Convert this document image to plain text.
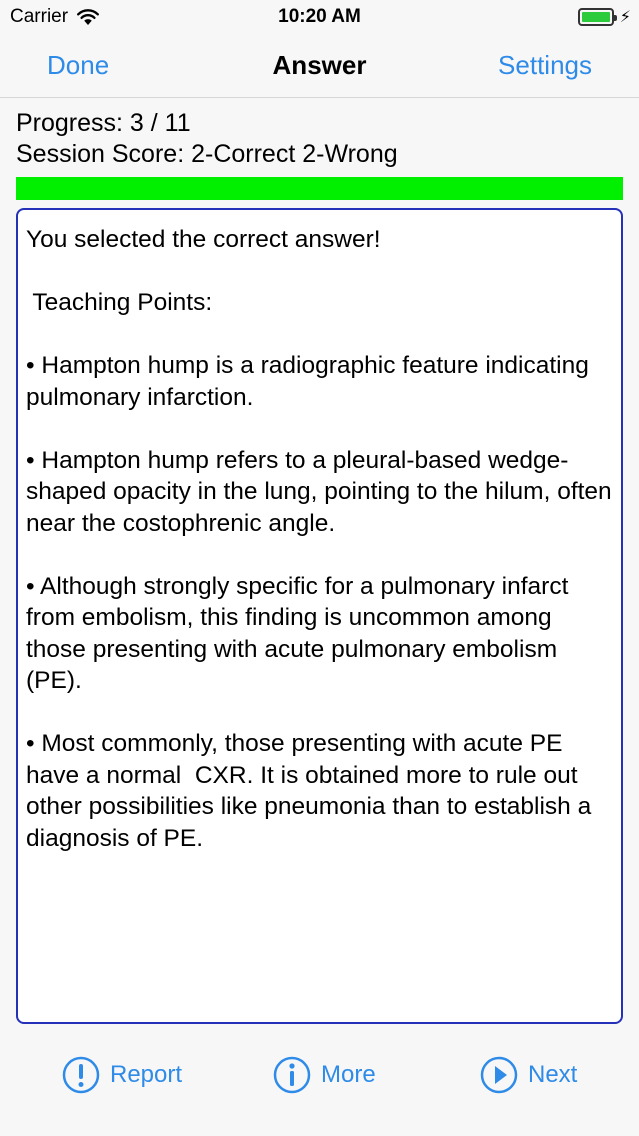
Carrier	10:20 AM	⚡
Done	Answer	Settings
Progress: 3 / 11
Session Score: 2-Correct 2-Wrong

You selected the correct answer!

Teaching Points:

• Hampton hump is a radiographic feature indicating pulmonary infarction.

• Hampton hump refers to a pleural-based wedge-shaped opacity in the lung, pointing to the hilum, often near the costophrenic angle.

• Although strongly specific for a pulmonary infarct from embolism, this finding is uncommon among those presenting with acute pulmonary embolism (PE).

• Most commonly, those presenting with acute PE have a normal  CXR. It is obtained more to rule out other possibilities like pneumonia than to establish a diagnosis of PE.

Report	More	Next
